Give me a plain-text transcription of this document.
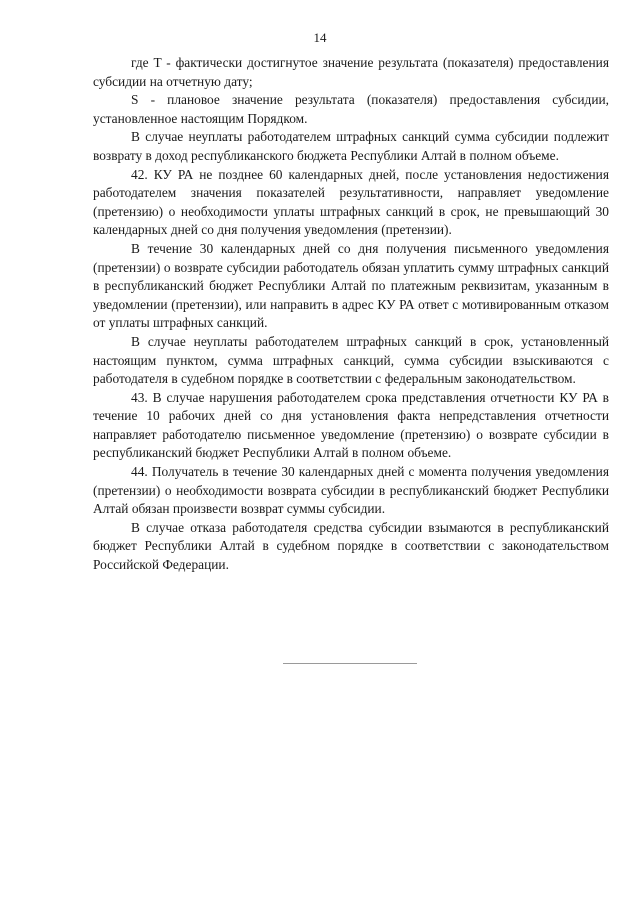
14

где T - фактически достигнутое значение результата (показателя) предоставления субсидии на отчетную дату;

S - плановое значение результата (показателя) предоставления субсидии, установленное настоящим Порядком.

В случае неуплаты работодателем штрафных санкций сумма субсидии подлежит возврату в доход республиканского бюджета Республики Алтай в полном объеме.

42. КУ РА не позднее 60 календарных дней, после установления недостижения работодателем значения показателей результативности, направляет уведомление (претензию) о необходимости уплаты штрафных санкций в срок, не превышающий 30 календарных дней со дня получения уведомления (претензии).

В течение 30 календарных дней со дня получения письменного уведомления (претензии) о возврате субсидии работодатель обязан уплатить сумму штрафных санкций в республиканский бюджет Республики Алтай по платежным реквизитам, указанным в уведомлении (претензии), или направить в адрес КУ РА ответ с мотивированным отказом от уплаты штрафных санкций.

В случае неуплаты работодателем штрафных санкций в срок, установленный настоящим пунктом, сумма штрафных санкций, сумма субсидии взыскиваются с работодателя в судебном порядке в соответствии с федеральным законодательством.

43. В случае нарушения работодателем срока представления отчетности КУ РА в течение 10 рабочих дней со дня установления факта непредставления отчетности направляет работодателю письменное уведомление (претензию) о возврате субсидии в республиканский бюджет Республики Алтай в полном объеме.

44. Получатель в течение 30 календарных дней с момента получения уведомления (претензии) о необходимости возврата субсидии в республиканский бюджет Республики Алтай обязан произвести возврат суммы субсидии.

В случае отказа работодателя средства субсидии взымаются в республиканский бюджет Республики Алтай в судебном порядке в соответствии с законодательством Российской Федерации.
